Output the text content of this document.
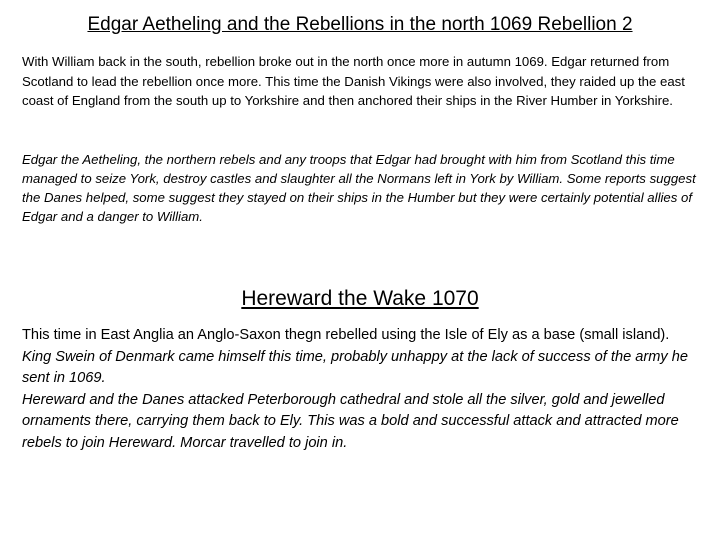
Edgar Aetheling and the Rebellions in the north 1069 Rebellion 2
With William back in the south, rebellion broke out in the north once more in autumn 1069. Edgar returned from Scotland to lead the rebellion once more. This time the Danish Vikings were also involved, they raided up the east coast of England from the south up to Yorkshire and then anchored their ships in the River Humber in Yorkshire.
Edgar the Aetheling, the northern rebels and any troops that Edgar had brought with him from Scotland this time managed to seize York, destroy castles and slaughter all the Normans left in York by William. Some reports suggest the Danes helped, some suggest they stayed on their ships in the Humber but they were certainly potential allies of Edgar and a danger to William.
Hereward the Wake 1070

This time in East Anglia an Anglo-Saxon thegn rebelled using the Isle of Ely as a base (small island).

King Swein of Denmark came himself this time, probably unhappy at the lack of success of the army he sent in 1069.

Hereward and the Danes attacked Peterborough cathedral and stole all the silver, gold and jewelled ornaments there, carrying them back to Ely. This was a bold and successful attack and attracted more rebels to join Hereward. Morcar travelled to join in.
